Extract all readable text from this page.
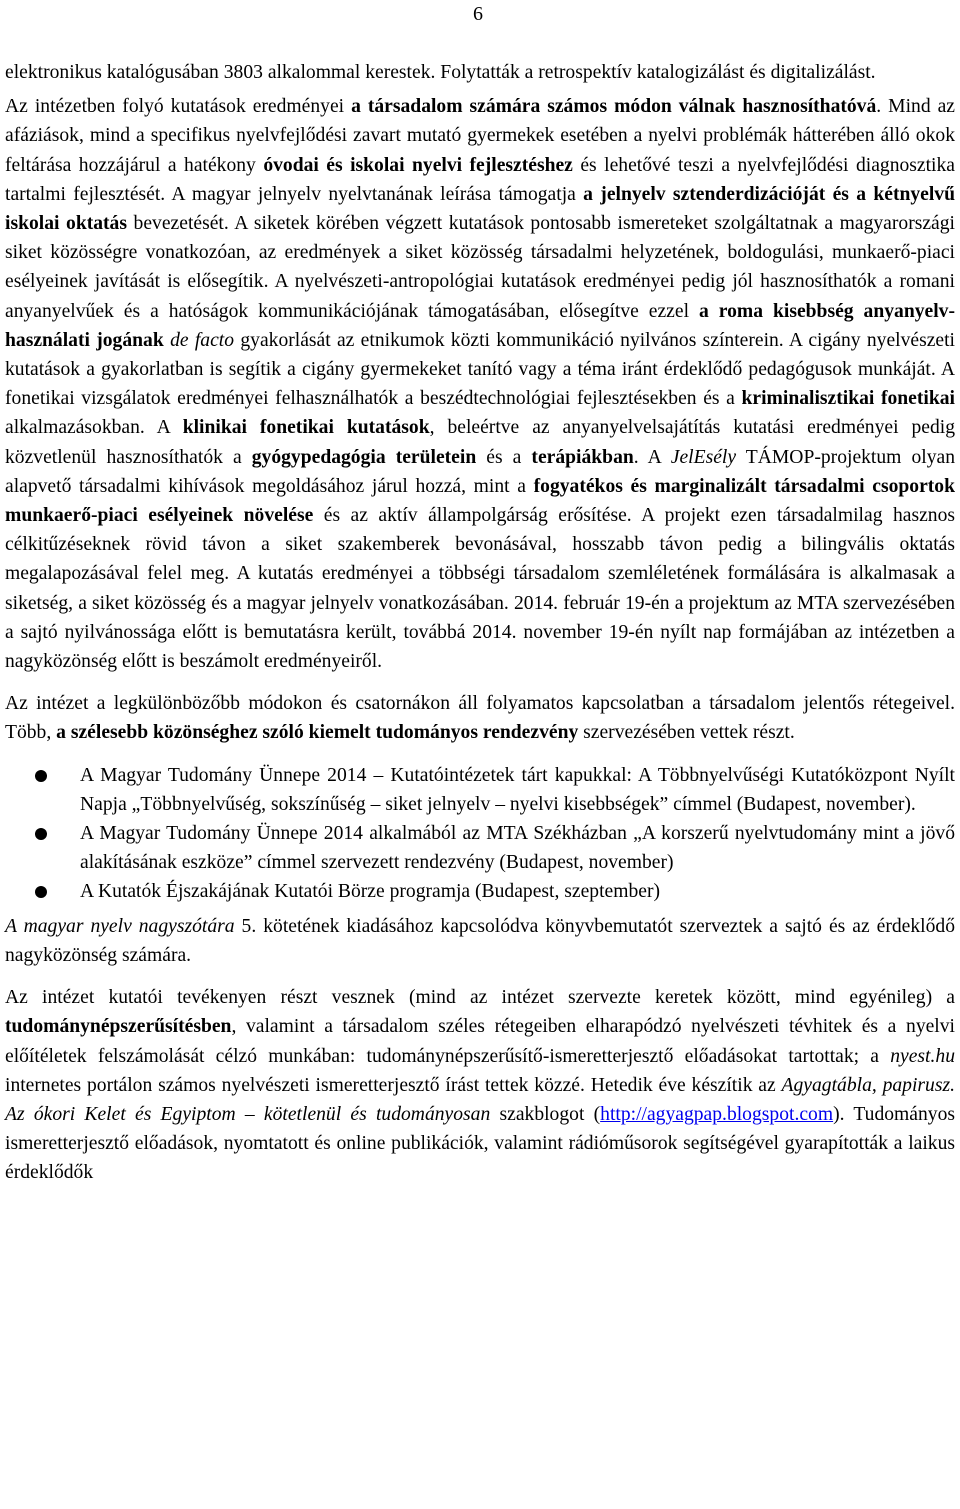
6

elektronikus katalógusában 3803 alkalommal kerestek. Folytatták a retrospektív katalogizálást és digitalizálást.

Az intézetben folyó kutatások eredményei a társadalom számára számos módon válnak hasznosíthatóvá. Mind az afáziások, mind a specifikus nyelvfejlődési zavart mutató gyermekek esetében a nyelvi problémák hátterében álló okok feltárása hozzájárul a hatékony óvodai és iskolai nyelvi fejlesztéshez és lehetővé teszi a nyelvfejlődési diagnosztika tartalmi fejlesztését. A magyar jelnyelv nyelvtanának leírása támogatja a jelnyelv sztenderdizációját és a kétnyelvű iskolai oktatás bevezetését. A siketek körében végzett kutatások pontosabb ismereteket szolgáltatnak a magyarországi siket közösségre vonatkozóan, az eredmények a siket közösség társadalmi helyzetének, boldogulási, munkaerő-piaci esélyeinek javítását is elősegítik. A nyelvészeti-antropológiai kutatások eredményei pedig jól hasznosíthatók a romani anyanyelvűek és a hatóságok kommunikációjának támogatásában, elősegítve ezzel a roma kisebbség anyanyelv-használati jogának de facto gyakorlását az etnikumok közti kommunikáció nyilvános színterein. A cigány nyelvészeti kutatások a gyakorlatban is segítik a cigány gyermekeket tanító vagy a téma iránt érdeklődő pedagógusok munkáját. A fonetikai vizsgálatok eredményei felhasználhatók a beszédtechnológiai fejlesztésekben és a kriminalisztikai fonetikai alkalmazásokban. A klinikai fonetikai kutatások, beleértve az anyanyelvelsajátítás kutatási eredményei pedig közvetlenül hasznosíthatók a gyógypedagógia területein és a terápiákban. A JelEsély TÁMOP-projektum olyan alapvető társadalmi kihívások megoldásához járul hozzá, mint a fogyatékos és marginalizált társadalmi csoportok munkaerő-piaci esélyeinek növelése és az aktív állampolgárság erősítése. A projekt ezen társadalmilag hasznos célkitűzéseknek rövid távon a siket szakemberek bevonásával, hosszabb távon pedig a bilingvális oktatás megalapozásával felel meg. A kutatás eredményei a többségi társadalom szemléletének formálására is alkalmasak a siketség, a siket közösség és a magyar jelnyelv vonatkozásában. 2014. február 19-én a projektum az MTA szervezésében a sajtó nyilvánossága előtt is bemutatásra került, továbbá 2014. november 19-én nyílt nap formájában az intézetben a nagyközönség előtt is beszámolt eredményeiről.

Az intézet a legkülönbözőbb módokon és csatornákon áll folyamatos kapcsolatban a társadalom jelentős rétegeivel. Több, a szélesebb közönséghez szóló kiemelt tudományos rendezvény szervezésében vettek részt.

A Magyar Tudomány Ünnepe 2014 – Kutatóintézetek tárt kapukkal: A Többnyelvűségi Kutatóközpont Nyílt Napja „Többnyelvűség, sokszínűség – siket jelnyelv – nyelvi kisebbségek” címmel (Budapest, november).
A Magyar Tudomány Ünnepe 2014 alkalmából az MTA Székházban „A korszerű nyelvtudomány mint a jövő alakításának eszköze” címmel szervezett rendezvény (Budapest, november)
A Kutatók Éjszakájának Kutatói Börze programja (Budapest, szeptember)

A magyar nyelv nagyszótára 5. kötetének kiadásához kapcsolódva könyvbemutatót szerveztek a sajtó és az érdeklődő nagyközönség számára.

Az intézet kutatói tevékenyen részt vesznek (mind az intézet szervezte keretek között, mind egyénileg) a tudománynépszerűsítésben, valamint a társadalom széles rétegeiben elharapódzó nyelvészeti tévhitek és a nyelvi előítéletek felszámolását célzó munkában: tudománynépszerűsítő-ismeretterjesztő előadásokat tartottak; a nyest.hu internetes portálon számos nyelvészeti ismeretterjesztő írást tettek közzé. Hetedik éve készítik az Agyagtábla, papirusz. Az ókori Kelet és Egyiptom – kötetlenül és tudományosan szakblogot (http://agyagpap.blogspot.com). Tudományos ismeretterjesztő előadások, nyomtatott és online publikációk, valamint rádióműsorok segítségével gyarapították a laikus érdeklődők
